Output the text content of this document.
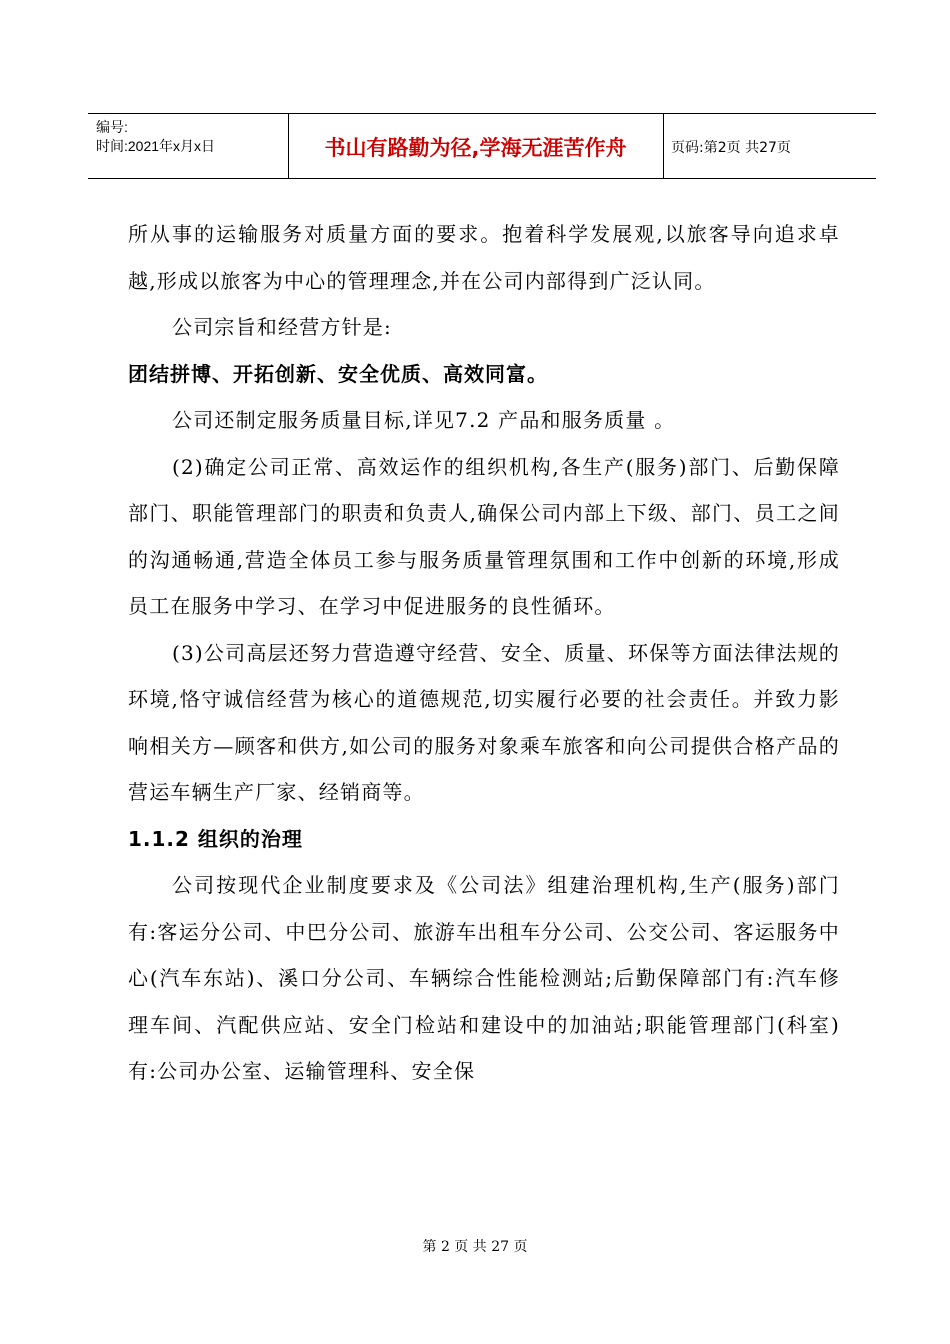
编号:
时间:2021年x月x日	书山有路勤为径,学海无涯苦作舟	页码:第2页 共27页

所从事的运输服务对质量方面的要求。抱着科学发展观,以旅客导向追求卓越,形成以旅客为中心的管理理念,并在公司内部得到广泛认同。

公司宗旨和经营方针是:

团结拼博、开拓创新、安全优质、高效同富。

公司还制定服务质量目标,详见7.2 产品和服务质量 。

(2)确定公司正常、高效运作的组织机构,各生产(服务)部门、后勤保障部门、职能管理部门的职责和负责人,确保公司内部上下级、部门、员工之间的沟通畅通,营造全体员工参与服务质量管理氛围和工作中创新的环境,形成员工在服务中学习、在学习中促进服务的良性循环。

(3)公司高层还努力营造遵守经营、安全、质量、环保等方面法律法规的环境,恪守诚信经营为核心的道德规范,切实履行必要的社会责任。并致力影响相关方—顾客和供方,如公司的服务对象乘车旅客和向公司提供合格产品的营运车辆生产厂家、经销商等。

1.1.2 组织的治理

公司按现代企业制度要求及《公司法》组建治理机构,生产(服务)部门有:客运分公司、中巴分公司、旅游车出租车分公司、公交公司、客运服务中心(汽车东站)、溪口分公司、车辆综合性能检测站;后勤保障部门有:汽车修理车间、汽配供应站、安全门检站和建设中的加油站;职能管理部门(科室)有:公司办公室、运输管理科、安全保

第 2 页 共 27 页
